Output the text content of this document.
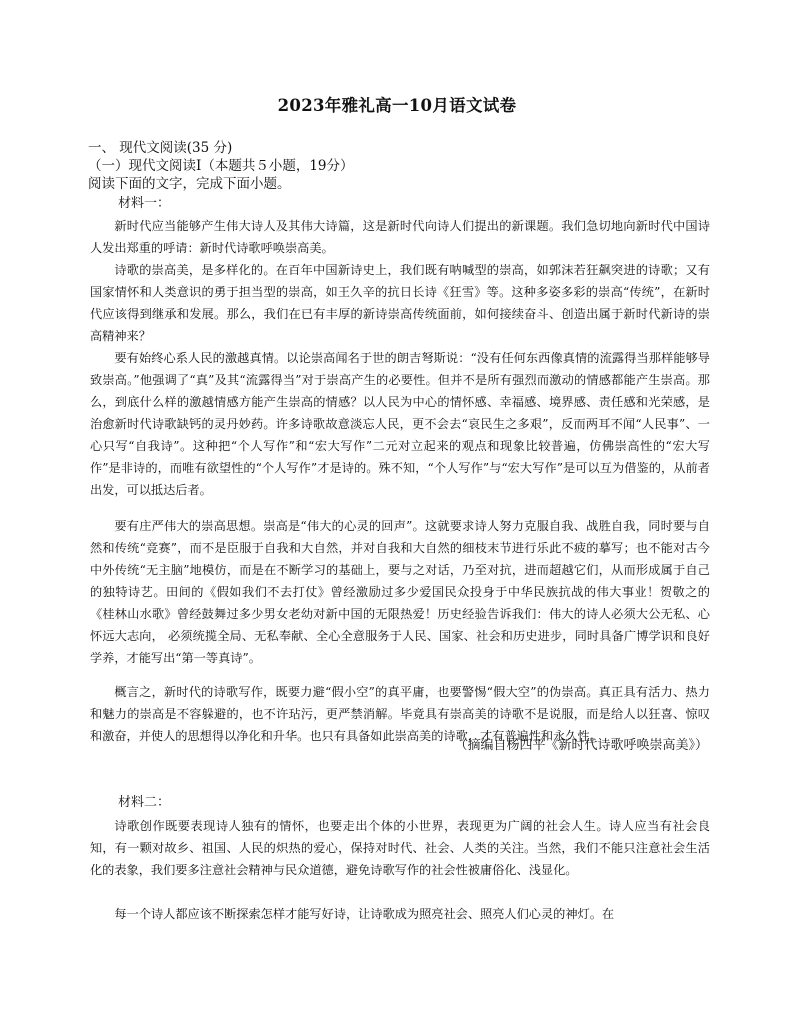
2023年雅礼高一10月语文试卷
一、 现代文阅读(35 分)
（一）现代文阅读Ⅰ（本题共５小题，19分）
阅读下面的文字，完成下面小题。
材料一：

新时代应当能够产生伟大诗人及其伟大诗篇，这是新时代向诗人们提出的新课题。我们急切地向新时代中国诗人发出郑重的呼请：新时代诗歌呼唤崇高美。

诗歌的崇高美，是多样化的。在百年中国新诗史上，我们既有呐喊型的崇高，如郭沫若狂飙突进的诗歌；又有国家情怀和人类意识的勇于担当型的崇高，如王久辛的抗日长诗《狂雪》等。这种多姿多彩的崇高“传统”，在新时代应该得到继承和发展。那么，我们在已有丰厚的新诗崇高传统面前，如何接续奋斗、创造出属于新时代新诗的崇高精神来？

要有始终心系人民的激越真情。以论崇高闻名于世的朗吉弩斯说：“没有任何东西像真情的流露得当那样能够导致崇高。”他强调了“真”及其“流露得当”对于崇高产生的必要性。但并不是所有强烈而激动的情感都能产生崇高。那么，到底什么样的激越情感方能产生崇高的情感？以人民为中心的情怀感、幸福感、境界感、责任感和光荣感，是治愈新时代诗歌缺钙的灵丹妙药。许多诗歌故意淡忘人民，更不会去“哀民生之多艰”，反而两耳不闻“人民事”、一心只写“自我诗”。这种把“个人写作”和“宏大写作”二元对立起来的观点和现象比较普遍，仿佛崇高性的“宏大写作”是非诗的，而唯有欲望性的“个人写作”才是诗的。殊不知，“个人写作”与“宏大写作”是可以互为借鉴的，从前者出发，可以抵达后者。

要有庄严伟大的崇高思想。崇高是“伟大的心灵的回声”。这就要求诗人努力克服自我、战胜自我，同时要与自然和传统“竞赛”，而不是臣服于自我和大自然，并对自我和大自然的细枝末节进行乐此不疲的摹写；也不能对古今中外传统“无主脑”地模仿，而是在不断学习的基础上，要与之对话，乃至对抗，进而超越它们，从而形成属于自己的独特诗艺。田间的《假如我们不去打仗》曾经激励过多少爱国民众投身于中华民族抗战的伟大事业！贺敬之的《桂林山水歌》曾经鼓舞过多少男女老幼对新中国的无限热爱！历史经验告诉我们：伟大的诗人必须大公无私、心怀远大志向， 必须统揽全局、无私奉献、全心全意服务于人民、国家、社会和历史进步，同时具备广博学识和良好学养，才能写出“第一等真诗”。

概言之，新时代的诗歌写作，既要力避“假小空”的真平庸，也要警惕“假大空”的伪崇高。真正具有活力、热力和魅力的崇高是不容躲避的，也不许玷污，更严禁消解。毕竟具有崇高美的诗歌不是说服，而是给人以狂喜、惊叹和激奋，并使人的思想得以净化和升华。也只有具备如此崇高美的诗歌，才有普遍性和永久性。

（摘编自杨四平《新时代诗歌呼唤崇高美》）
材料二：

诗歌创作既要表现诗人独有的情怀，也要走出个体的小世界，表现更为广阔的社会人生。诗人应当有社会良知，有一颗对故乡、祖国、人民的炽热的爱心，保持对时代、社会、人类的关注。当然，我们不能只注意社会生活化的表象，我们要多注意社会精神与民众道德，避免诗歌写作的社会性被庸俗化、浅显化。

每一个诗人都应该不断探索怎样才能写好诗，让诗歌成为照亮社会、照亮人们心灵的神灯。在
